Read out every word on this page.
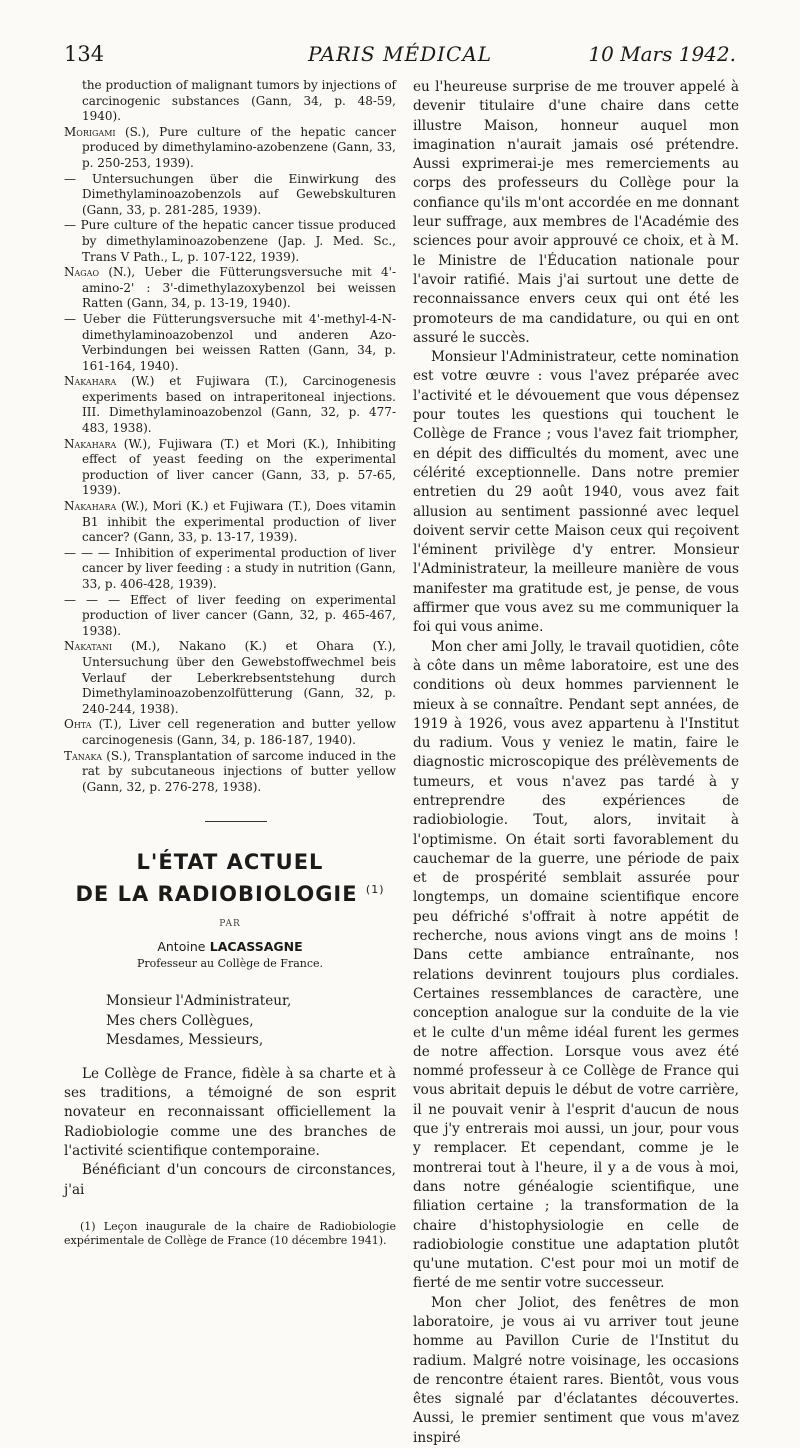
134	PARIS MÉDICAL	10 Mars 1942.

the production of malignant tumors by injections of carcinogenic substances (Gann, 34, p. 48-59, 1940).

Morigami (S.), Pure culture of the hepatic cancer produced by dimethylamino-azobenzene (Gann, 33, p. 250-253, 1939).

— Untersuchungen über die Einwirkung des Dimethylaminoazobenzols auf Gewebskulturen (Gann, 33, p. 281-285, 1939).

— Pure culture of the hepatic cancer tissue produced by dimethylaminoazobenzene (Jap. J. Med. Sc., Trans V Path., L, p. 107-122, 1939).

Nagao (N.), Ueber die Fütterungsversuche mit 4'-amino-2' : 3'-dimethylazoxybenzol bei weissen Ratten (Gann, 34, p. 13-19, 1940).

— Ueber die Fütterungsversuche mit 4'-methyl-4-N-dimethylaminoazobenzol und anderen Azo-Verbindungen bei weissen Ratten (Gann, 34, p. 161-164, 1940).

Nakahara (W.) et Fujiwara (T.), Carcinogenesis experiments based on intraperitoneal injections. III. Dimethylaminoazobenzol (Gann, 32, p. 477-483, 1938).

Nakahara (W.), Fujiwara (T.) et Mori (K.), Inhibiting effect of yeast feeding on the experimental production of liver cancer (Gann, 33, p. 57-65, 1939).

Nakahara (W.), Mori (K.) et Fujiwara (T.), Does vitamin B1 inhibit the experimental production of liver cancer? (Gann, 33, p. 13-17, 1939).

— — — Inhibition of experimental production of liver cancer by liver feeding : a study in nutrition (Gann, 33, p. 406-428, 1939).

— — — Effect of liver feeding on experimental production of liver cancer (Gann, 32, p. 465-467, 1938).

Nakatani (M.), Nakano (K.) et Ohara (Y.), Untersuchung über den Gewebstoffwechmel beis Verlauf der Leberkrebsentstehung durch Dimethylaminoazobenzolfütterung (Gann, 32, p. 240-244, 1938).

Ohta (T.), Liver cell regeneration and butter yellow carcinogenesis (Gann, 34, p. 186-187, 1940).

Tanaka (S.), Transplantation of sarcome induced in the rat by subcutaneous injections of butter yellow (Gann, 32, p. 276-278, 1938).

L'ÉTAT ACTUEL
DE LA RADIOBIOLOGIE $^{(1)}$
PAR
Antoine LACASSAGNE
Professeur au Collège de France.
Monsieur l'Administrateur,
Mes chers Collègues,
Mesdames, Messieurs,

Le Collège de France, fidèle à sa charte et à ses traditions, a témoigné de son esprit novateur en reconnaissant officiellement la Radiobiologie comme une des branches de l'activité scientifique contemporaine.

Bénéficiant d'un concours de circonstances, j'ai

(1) Leçon inaugurale de la chaire de Radiobiologie expérimentale de Collège de France (10 décembre 1941).

eu l'heureuse surprise de me trouver appelé à devenir titulaire d'une chaire dans cette illustre Maison, honneur auquel mon imagination n'aurait jamais osé prétendre. Aussi exprimerai-je mes remerciements au corps des professeurs du Collège pour la confiance qu'ils m'ont accordée en me donnant leur suffrage, aux membres de l'Académie des sciences pour avoir approuvé ce choix, et à M. le Ministre de l'Éducation nationale pour l'avoir ratifié. Mais j'ai surtout une dette de reconnaissance envers ceux qui ont été les promoteurs de ma candidature, ou qui en ont assuré le succès.

Monsieur l'Administrateur, cette nomination est votre œuvre : vous l'avez préparée avec l'activité et le dévouement que vous dépensez pour toutes les questions qui touchent le Collège de France ; vous l'avez fait triompher, en dépit des difficultés du moment, avec une célérité exceptionnelle. Dans notre premier entretien du 29 août 1940, vous avez fait allusion au sentiment passionné avec lequel doivent servir cette Maison ceux qui reçoivent l'éminent privilège d'y entrer. Monsieur l'Administrateur, la meilleure manière de vous manifester ma gratitude est, je pense, de vous affirmer que vous avez su me communiquer la foi qui vous anime.

Mon cher ami Jolly, le travail quotidien, côte à côte dans un même laboratoire, est une des conditions où deux hommes parviennent le mieux à se connaître. Pendant sept années, de 1919 à 1926, vous avez appartenu à l'Institut du radium. Vous y veniez le matin, faire le diagnostic microscopique des prélèvements de tumeurs, et vous n'avez pas tardé à y entreprendre des expériences de radiobiologie. Tout, alors, invitait à l'optimisme. On était sorti favorablement du cauchemar de la guerre, une période de paix et de prospérité semblait assurée pour longtemps, un domaine scientifique encore peu défriché s'offrait à notre appétit de recherche, nous avions vingt ans de moins ! Dans cette ambiance entraînante, nos relations devinrent toujours plus cordiales. Certaines ressemblances de caractère, une conception analogue sur la conduite de la vie et le culte d'un même idéal furent les germes de notre affection. Lorsque vous avez été nommé professeur à ce Collège de France qui vous abritait depuis le début de votre carrière, il ne pouvait venir à l'esprit d'aucun de nous que j'y entrerais moi aussi, un jour, pour vous y remplacer. Et cependant, comme je le montrerai tout à l'heure, il y a de vous à moi, dans notre généalogie scientifique, une filiation certaine ; la transformation de la chaire d'histophysiologie en celle de radiobiologie constitue une adaptation plutôt qu'une mutation. C'est pour moi un motif de fierté de me sentir votre successeur.

Mon cher Joliot, des fenêtres de mon laboratoire, je vous ai vu arriver tout jeune homme au Pavillon Curie de l'Institut du radium. Malgré notre voisinage, les occasions de rencontre étaient rares. Bientôt, vous vous êtes signalé par d'éclatantes découvertes. Aussi, le premier sentiment que vous m'avez inspiré
